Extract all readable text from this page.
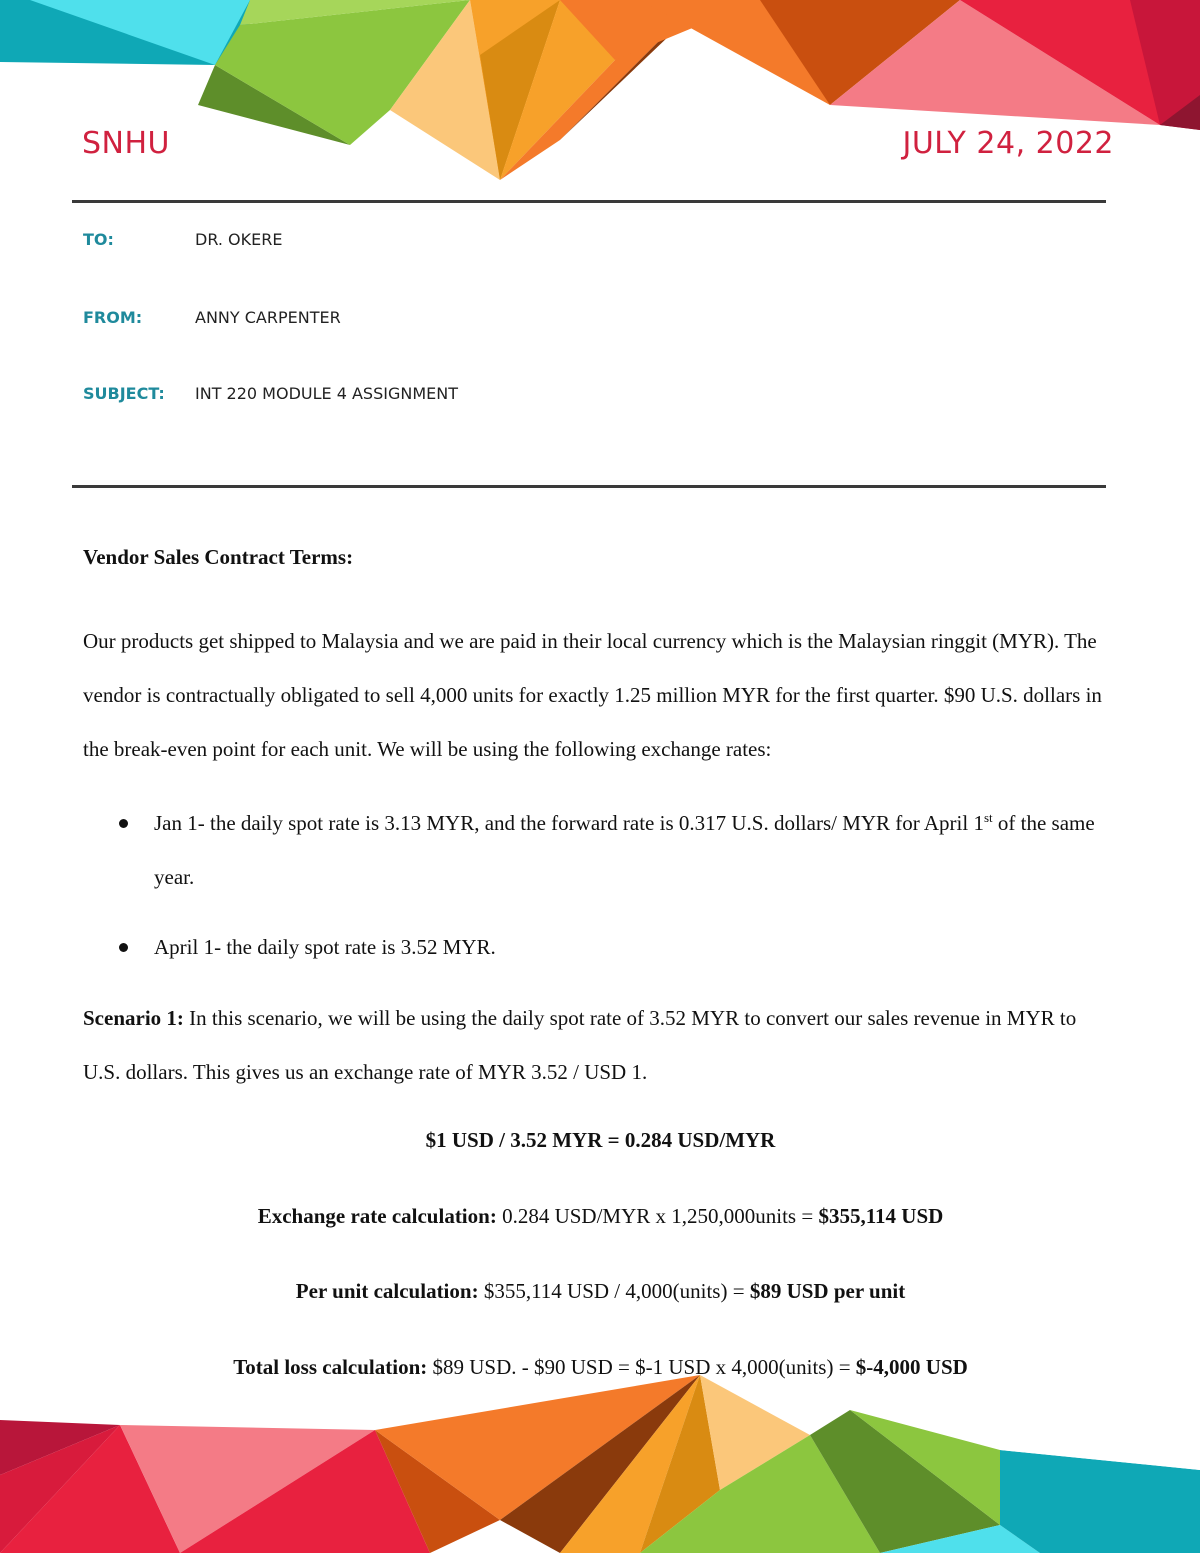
SNHU	JULY 24, 2022
TO:	DR. OKERE
FROM:	ANNY CARPENTER
SUBJECT: INT 220 MODULE 4 ASSIGNMENT
Vendor Sales Contract Terms:

Our products get shipped to Malaysia and we are paid in their local currency which is the Malaysian ringgit (MYR). The vendor is contractually obligated to sell 4,000 units for exactly 1.25 million MYR for the first quarter. $90 U.S. dollars in the break-even point for each unit. We will be using the following exchange rates:

Jan 1- the daily spot rate is 3.13 MYR, and the forward rate is 0.317 U.S. dollars/ MYR for April 1st of the same year.
April 1- the daily spot rate is 3.52 MYR.

Scenario 1: In this scenario, we will be using the daily spot rate of 3.52 MYR to convert our sales revenue in MYR to U.S. dollars. This gives us an exchange rate of MYR 3.52 / USD 1.

$1 USD / 3.52 MYR = 0.284 USD/MYR

Exchange rate calculation: 0.284 USD/MYR x 1,250,000units = $355,114 USD

Per unit calculation: $355,114 USD / 4,000(units) = $89 USD per unit

Total loss calculation: $89 USD. - $90 USD = $-1 USD x 4,000(units) = $-4,000 USD
